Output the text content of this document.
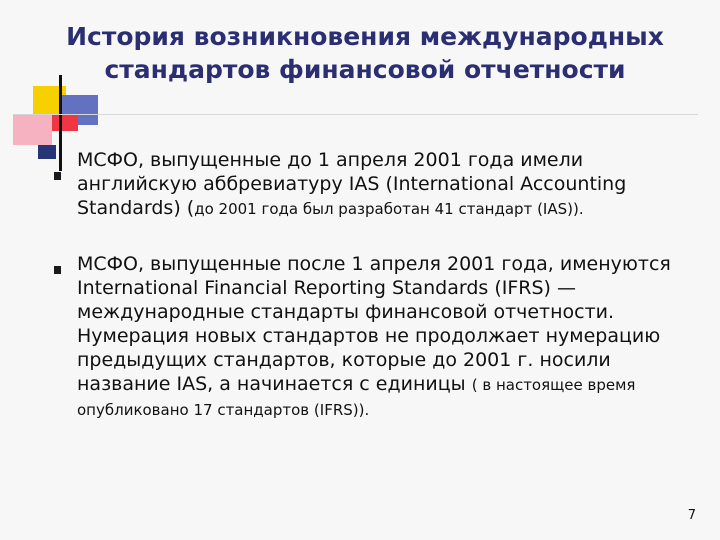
История возникновения международных
стандартов финансовой отчетности
МСФО, выпущенные до 1 апреля 2001 года имели английскую аббревиатуру IAS (International Accounting Standards) (до 2001 года был разработан 41 стандарт (IAS)).
МСФО, выпущенные после 1 апреля 2001 года, именуются International Financial Reporting Standards (IFRS) — международные стандарты финансовой отчетности. Нумерация новых стандартов не продолжает нумерацию предыдущих стандартов, которые до 2001 г. носили название IAS, а начинается с единицы ( в настоящее время опубликовано 17 стандартов (IFRS)).
7
